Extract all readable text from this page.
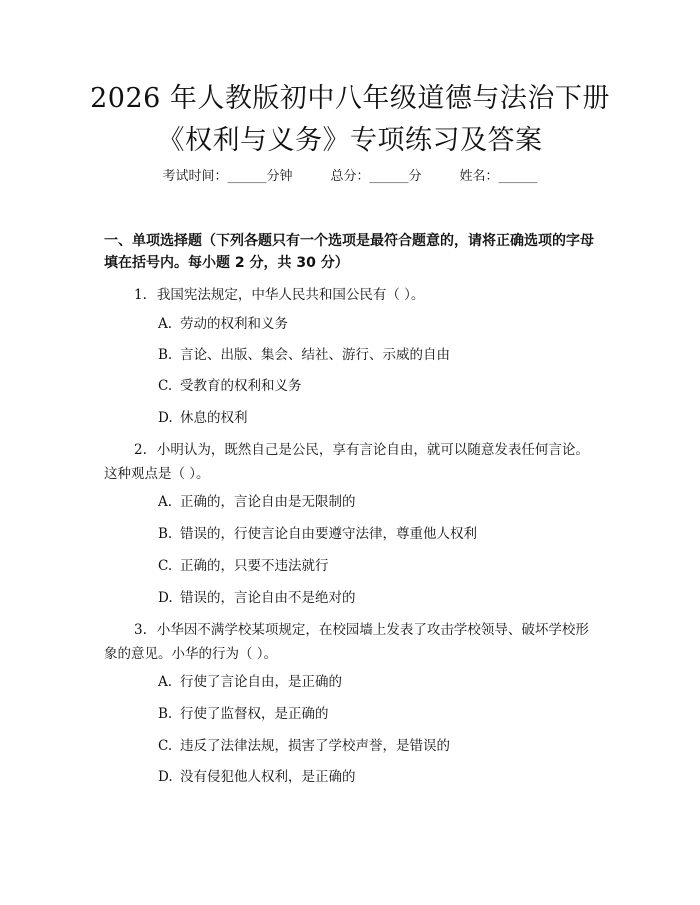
2026 年人教版初中八年级道德与法治下册
《权利与义务》专项练习及答案
考试时间：______分钟	总分：______分	姓名：______
一、单项选择题（下列各题只有一个选项是最符合题意的，请将正确选项的字母填在括号内。每小题 2 分，共 30 分）
1. 我国宪法规定，中华人民共和国公民有（ ）。
A. 劳动的权利和义务
B. 言论、出版、集会、结社、游行、示威的自由
C. 受教育的权利和义务
D. 休息的权利
2. 小明认为，既然自己是公民，享有言论自由，就可以随意发表任何言论。这种观点是（ ）。
A. 正确的，言论自由是无限制的
B. 错误的，行使言论自由要遵守法律，尊重他人权利
C. 正确的，只要不违法就行
D. 错误的，言论自由不是绝对的
3. 小华因不满学校某项规定，在校园墙上发表了攻击学校领导、破坏学校形象的意见。小华的行为（ ）。
A. 行使了言论自由，是正确的
B. 行使了监督权，是正确的
C. 违反了法律法规，损害了学校声誉，是错误的
D. 没有侵犯他人权利，是正确的
